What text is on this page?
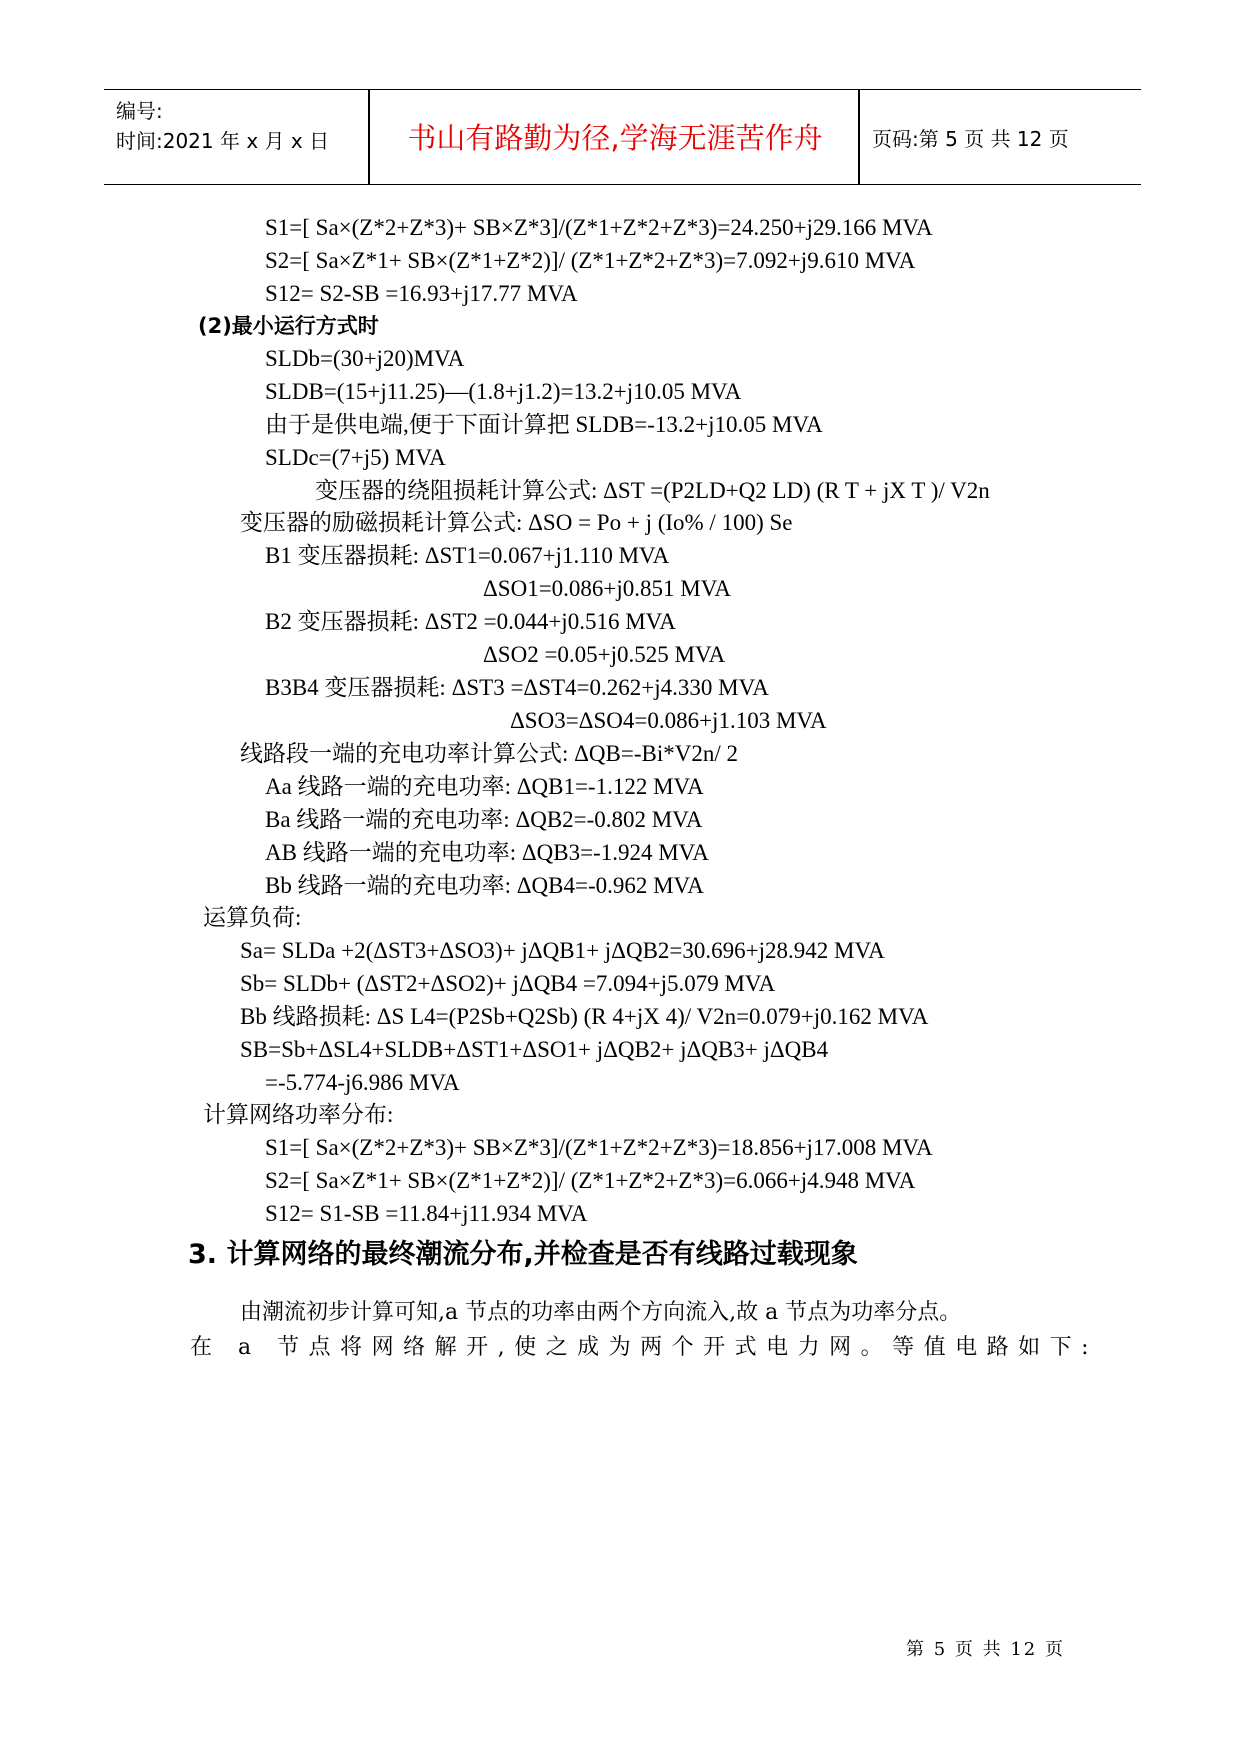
编号:
时间:2021 年 x 月 x 日	书山有路勤为径,学海无涯苦作舟	页码:第 5 页 共 12 页
S1=[ Sa×(Z*2+Z*3)+ SB×Z*3]/(Z*1+Z*2+Z*3)=24.250+j29.166 MVA
S2=[ Sa×Z*1+ SB×(Z*1+Z*2)]/ (Z*1+Z*2+Z*3)=7.092+j9.610 MVA
S12= S2-SB =16.93+j17.77 MVA
(2)最小运行方式时
SLDb=(30+j20)MVA
SLDB=(15+j11.25)—(1.8+j1.2)=13.2+j10.05 MVA
由于是供电端,便于下面计算把 SLDB=-13.2+j10.05 MVA
SLDc=(7+j5) MVA
变压器的绕阻损耗计算公式: ΔST =(P2LD+Q2 LD) (R T + jX T )/ V2n
变压器的励磁损耗计算公式: ΔSO = Po + j (Io% / 100) Se
B1 变压器损耗: ΔST1=0.067+j1.110 MVA
ΔSO1=0.086+j0.851 MVA
B2 变压器损耗: ΔST2 =0.044+j0.516 MVA
ΔSO2 =0.05+j0.525 MVA
B3B4 变压器损耗: ΔST3 =ΔST4=0.262+j4.330 MVA
ΔSO3=ΔSO4=0.086+j1.103 MVA
线路段一端的充电功率计算公式: ΔQB=-Bi*V2n/ 2
Aa 线路一端的充电功率: ΔQB1=-1.122 MVA
Ba 线路一端的充电功率: ΔQB2=-0.802 MVA
AB 线路一端的充电功率: ΔQB3=-1.924 MVA
Bb 线路一端的充电功率: ΔQB4=-0.962 MVA
运算负荷:
Sa= SLDa +2(ΔST3+ΔSO3)+ jΔQB1+ jΔQB2=30.696+j28.942 MVA
Sb= SLDb+ (ΔST2+ΔSO2)+ jΔQB4 =7.094+j5.079 MVA
Bb 线路损耗: ΔS L4=(P2Sb+Q2Sb) (R 4+jX 4)/ V2n=0.079+j0.162 MVA
SB=Sb+ΔSL4+SLDB+ΔST1+ΔSO1+ jΔQB2+ jΔQB3+ jΔQB4
=-5.774-j6.986 MVA
计算网络功率分布:
S1=[ Sa×(Z*2+Z*3)+ SB×Z*3]/(Z*1+Z*2+Z*3)=18.856+j17.008 MVA
S2=[ Sa×Z*1+ SB×(Z*1+Z*2)]/ (Z*1+Z*2+Z*3)=6.066+j4.948 MVA
S12= S1-SB =11.84+j11.934 MVA
3. 计算网络的最终潮流分布,并检查是否有线路过载现象
由潮流初步计算可知,a 节点的功率由两个方向流入,故 a 节点为功率分点。
在 a 节点将网络解开,使之成为两个开式电力网。等值电路如下:
第 5 页 共 12 页
